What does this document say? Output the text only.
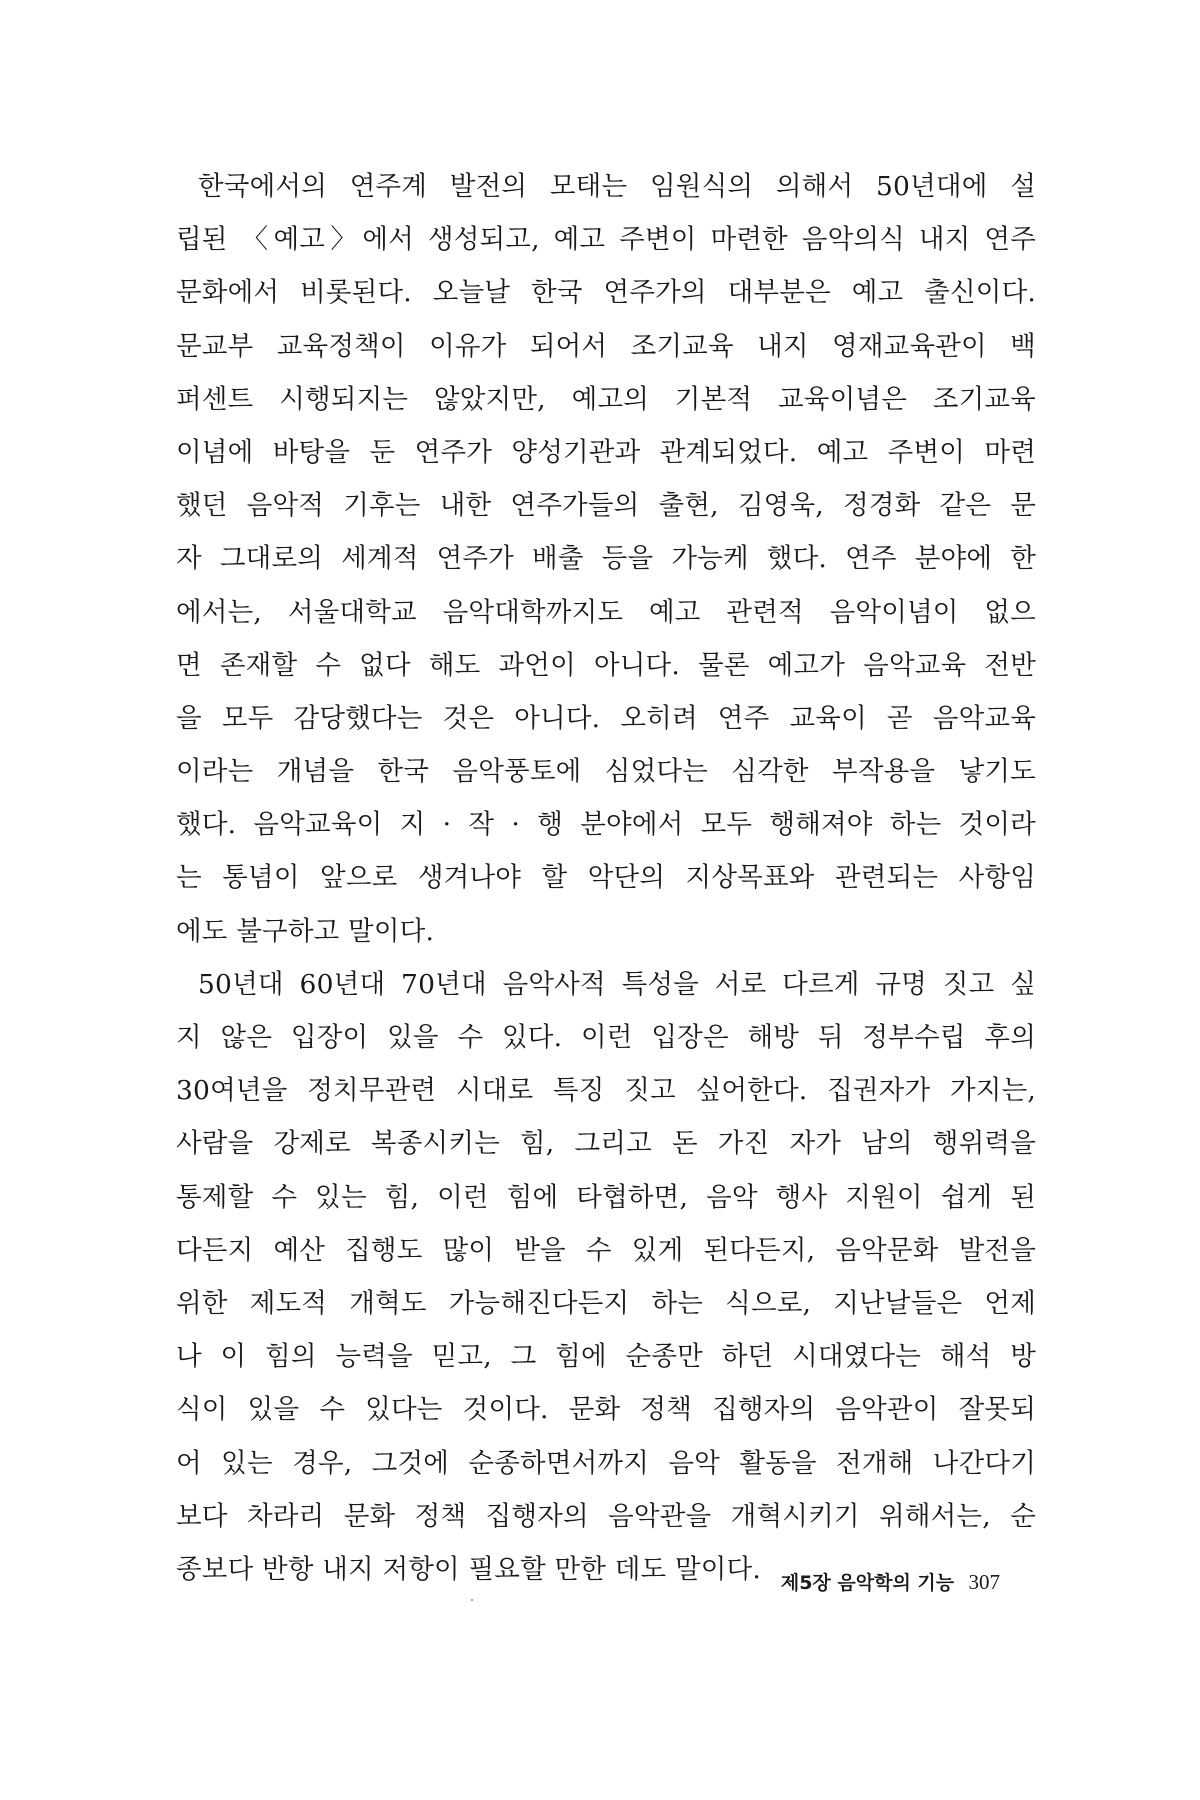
한국에서의 연주계 발전의 모태는 임원식의 의해서 50년대에 설
립된 〈예고〉에서 생성되고, 예고 주변이 마련한 음악의식 내지 연주
문화에서 비롯된다. 오늘날 한국 연주가의 대부분은 예고 출신이다.
문교부 교육정책이 이유가 되어서 조기교육 내지 영재교육관이 백
퍼센트 시행되지는 않았지만, 예고의 기본적 교육이념은 조기교육
이념에 바탕을 둔 연주가 양성기관과 관계되었다. 예고 주변이 마련
했던 음악적 기후는 내한 연주가들의 출현, 김영욱, 정경화 같은 문
자 그대로의 세계적 연주가 배출 등을 가능케 했다. 연주 분야에 한
에서는, 서울대학교 음악대학까지도 예고 관련적 음악이념이 없으
면 존재할 수 없다 해도 과언이 아니다. 물론 예고가 음악교육 전반
을 모두 감당했다는 것은 아니다. 오히려 연주 교육이 곧 음악교육
이라는 개념을 한국 음악풍토에 심었다는 심각한 부작용을 낳기도
했다. 음악교육이 지 · 작 · 행 분야에서 모두 행해져야 하는 것이라
는 통념이 앞으로 생겨나야 할 악단의 지상목표와 관련되는 사항임
에도 불구하고 말이다.
50년대 60년대 70년대 음악사적 특성을 서로 다르게 규명 짓고 싶
지 않은 입장이 있을 수 있다. 이런 입장은 해방 뒤 정부수립 후의
30여년을 정치무관련 시대로 특징 짓고 싶어한다. 집권자가 가지는,
사람을 강제로 복종시키는 힘, 그리고 돈 가진 자가 남의 행위력을
통제할 수 있는 힘, 이런 힘에 타협하면, 음악 행사 지원이 쉽게 된
다든지 예산 집행도 많이 받을 수 있게 된다든지, 음악문화 발전을
위한 제도적 개혁도 가능해진다든지 하는 식으로, 지난날들은 언제
나 이 힘의 능력을 믿고, 그 힘에 순종만 하던 시대였다는 해석 방
식이 있을 수 있다는 것이다. 문화 정책 집행자의 음악관이 잘못되
어 있는 경우, 그것에 순종하면서까지 음악 활동을 전개해 나간다기
보다 차라리 문화 정책 집행자의 음악관을 개혁시키기 위해서는, 순
종보다 반항 내지 저항이 필요할 만한 데도 말이다.	제5장 음악학의 기능 307
